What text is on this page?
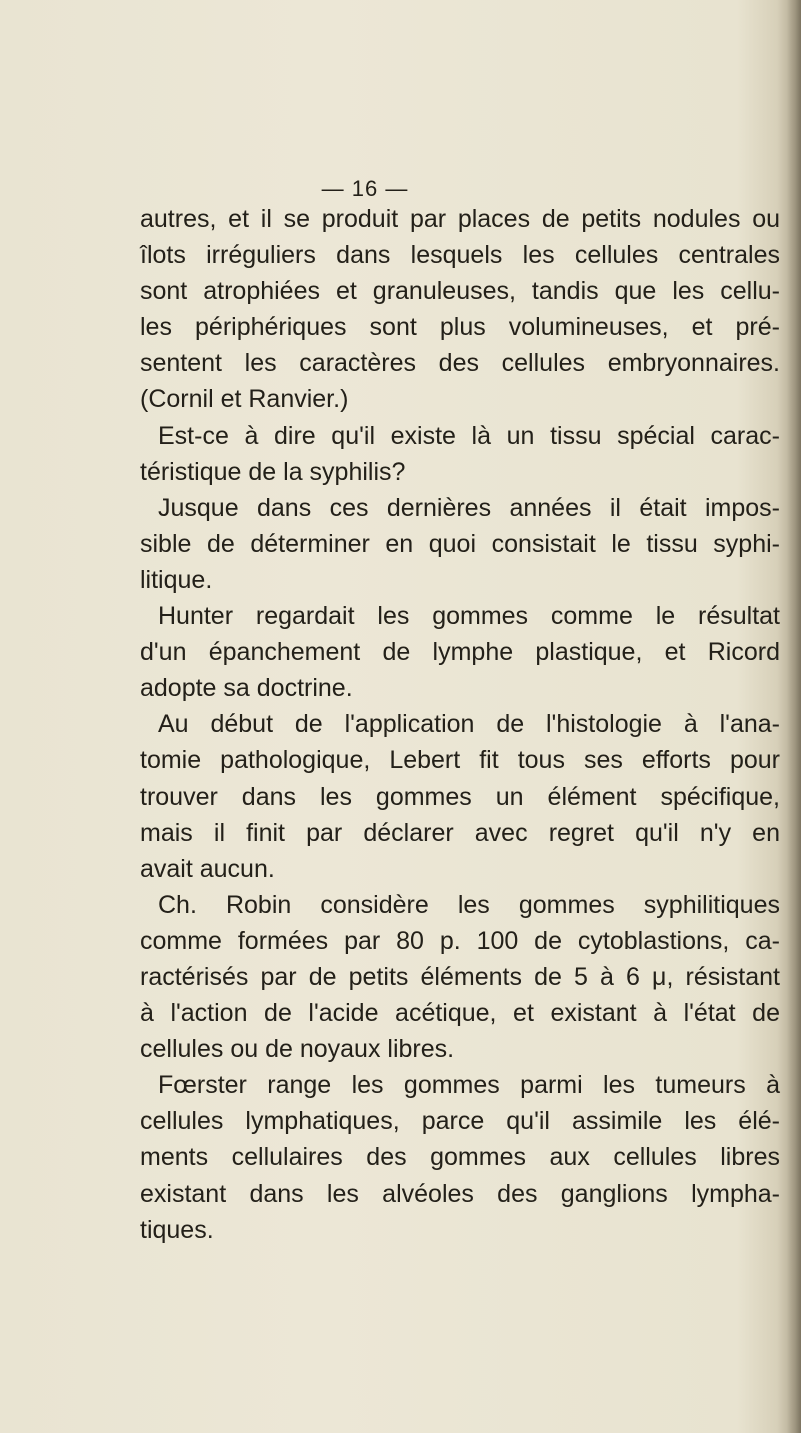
— 16 —
autres, et il se produit par places de petits nodules ou
îlots irréguliers dans lesquels les cellules centrales
sont atrophiées et granuleuses, tandis que les cellu-
les périphériques sont plus volumineuses, et pré-
sentent les caractères des cellules embryonnaires.
(Cornil et Ranvier.)
Est-ce à dire qu'il existe là un tissu spécial carac-
téristique de la syphilis?
Jusque dans ces dernières années il était impos-
sible de déterminer en quoi consistait le tissu syphi-
litique.
Hunter regardait les gommes comme le résultat
d'un épanchement de lymphe plastique, et Ricord
adopte sa doctrine.
Au début de l'application de l'histologie à l'ana-
tomie pathologique, Lebert fit tous ses efforts pour
trouver dans les gommes un élément spécifique,
mais il finit par déclarer avec regret qu'il n'y en
avait aucun.
Ch. Robin considère les gommes syphilitiques
comme formées par 80 p. 100 de cytoblastions, ca-
ractérisés par de petits éléments de 5 à 6 μ, résistant
à l'action de l'acide acétique, et existant à l'état de
cellules ou de noyaux libres.
Fœrster range les gommes parmi les tumeurs à
cellules lymphatiques, parce qu'il assimile les élé-
ments cellulaires des gommes aux cellules libres
existant dans les alvéoles des ganglions lympha-
tiques.
